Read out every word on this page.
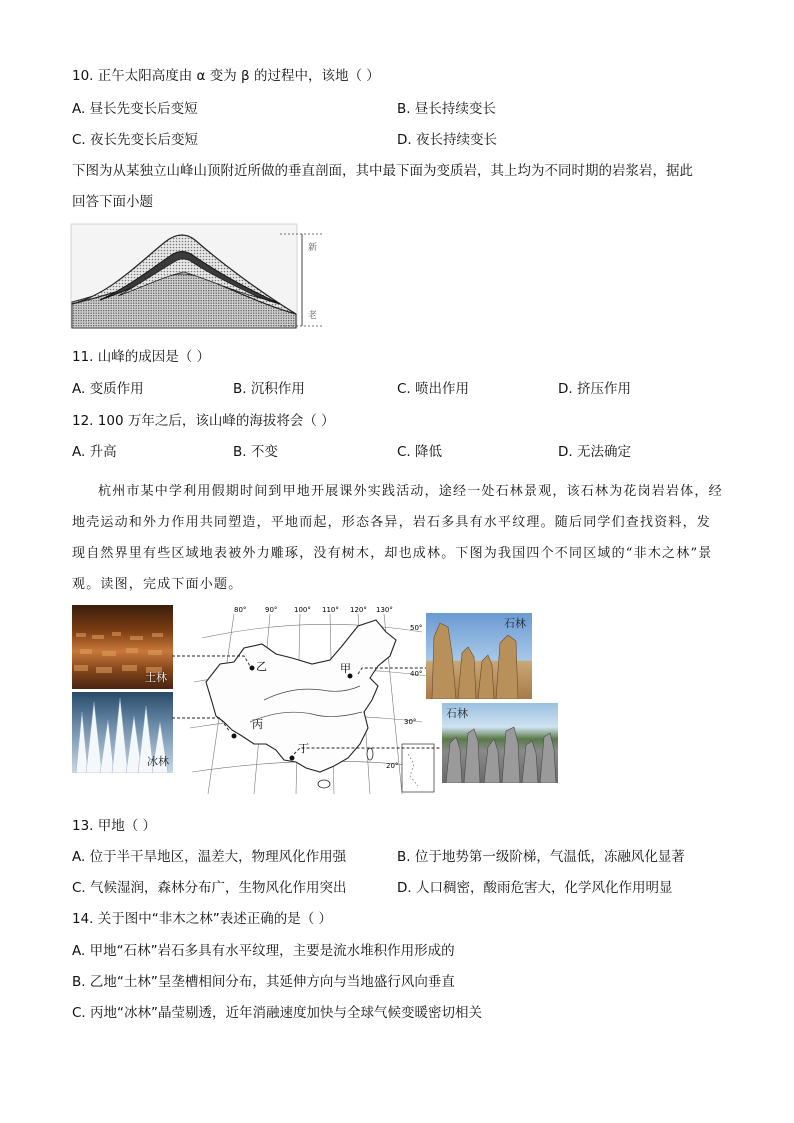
10. 正午太阳高度由 α 变为 β 的过程中，该地（ ）
A. 昼长先变长后变短	B. 昼长持续变长
C. 夜长先变长后变短	D. 夜长持续变长
下图为从某独立山峰山顶附近所做的垂直剖面，其中最下面为变质岩，其上均为不同时期的岩浆岩，据此
回答下面小题
新
老
11. 山峰的成因是（ ）
A. 变质作用	B. 沉积作用	C. 喷出作用	D. 挤压作用
12. 100 万年之后，该山峰的海拔将会（ ）
A. 升高	B. 不变	C. 降低	D. 无法确定
杭州市某中学利用假期时间到甲地开展课外实践活动，途经一处石林景观，该石林为花岗岩岩体，经地壳运动和外力作用共同塑造，平地而起，形态各异，岩石多具有水平纹理。随后同学们查找资料，发现自然界里有些区域地表被外力雕琢，没有树木，却也成林。下图为我国四个不同区域的“非木之林”景观。读图，完成下面小题。
土林
冰林
80°	90° 100° 110° 120° 130°
50°
40°
30°
20°
乙	甲
丙
丁
石林
石林
13. 甲地（ ）
A. 位于半干旱地区，温差大，物理风化作用强	B. 位于地势第一级阶梯，气温低，冻融风化显著
C. 气候湿润，森林分布广，生物风化作用突出	D. 人口稠密，酸雨危害大，化学风化作用明显
14. 关于图中“非木之林”表述正确的是（ ）
A. 甲地“石林”岩石多具有水平纹理，主要是流水堆积作用形成的
B. 乙地“土林”呈垄槽相间分布，其延伸方向与当地盛行风向垂直
C. 丙地“冰林”晶莹剔透，近年消融速度加快与全球气候变暖密切相关
